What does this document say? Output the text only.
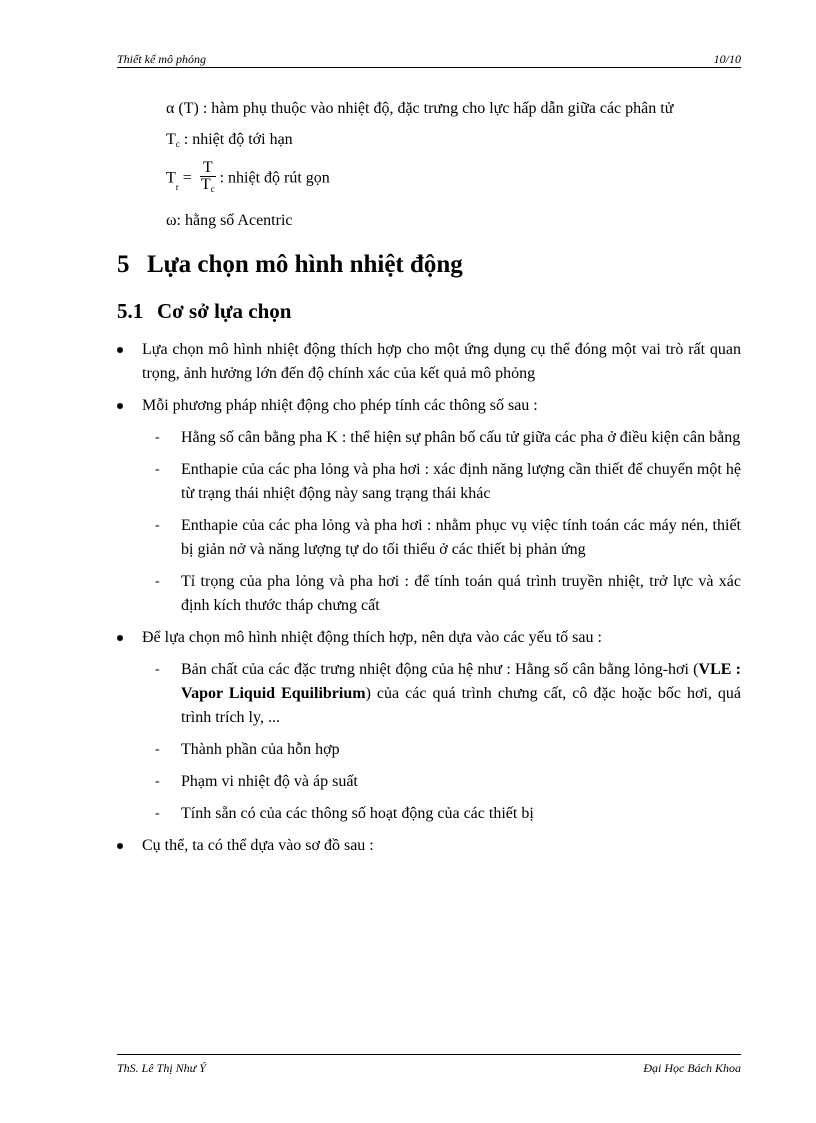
Thiết kế mô phỏng	10/10
α (T) : hàm phụ thuộc vào nhiệt độ, đặc trưng cho lực hấp dẫn giữa các phân tử
$T_c$ : nhiệt độ tới hạn
$T_r = \frac{T}{T_c}$ : nhiệt độ rút gọn
ω: hằng số Acentric
5 Lựa chọn mô hình nhiệt động
5.1 Cơ sở lựa chọn

Lựa chọn mô hình nhiệt động thích hợp cho một ứng dụng cụ thể đóng một vai trò rất quan trọng, ảnh hưởng lớn đến độ chính xác của kết quả mô phỏng

Mỗi phương pháp nhiệt động cho phép tính các thông số sau :

- Hằng số cân bằng pha K : thể hiện sự phân bố cấu tử giữa các pha ở điều kiện cân bằng

- Enthapie của các pha lỏng và pha hơi : xác định năng lượng cần thiết để chuyển một hệ từ trạng thái nhiệt động này sang trạng thái khác

- Enthapie của các pha lỏng và pha hơi : nhằm phục vụ việc tính toán các máy nén, thiết bị giản nở và năng lượng tự do tối thiểu ở các thiết bị phản ứng

- Tỉ trọng của pha lỏng và pha hơi : để tính toán quá trình truyền nhiệt, trở lực và xác định kích thước tháp chưng cất

Để lựa chọn mô hình nhiệt động thích hợp, nên dựa vào các yếu tố sau :

- Bản chất của các đặc trưng nhiệt động của hệ như : Hằng số cân bằng lỏng-hơi (VLE : Vapor Liquid Equilibrium) của các quá trình chưng cất, cô đặc hoặc bốc hơi, quá trình trích ly, ...

- Thành phần của hỗn hợp

- Phạm vi nhiệt độ và áp suất

- Tính sẵn có của các thông số hoạt động của các thiết bị

Cụ thể, ta có thể dựa vào sơ đồ sau :

ThS. Lê Thị Như Ý	Đại Học Bách Khoa
